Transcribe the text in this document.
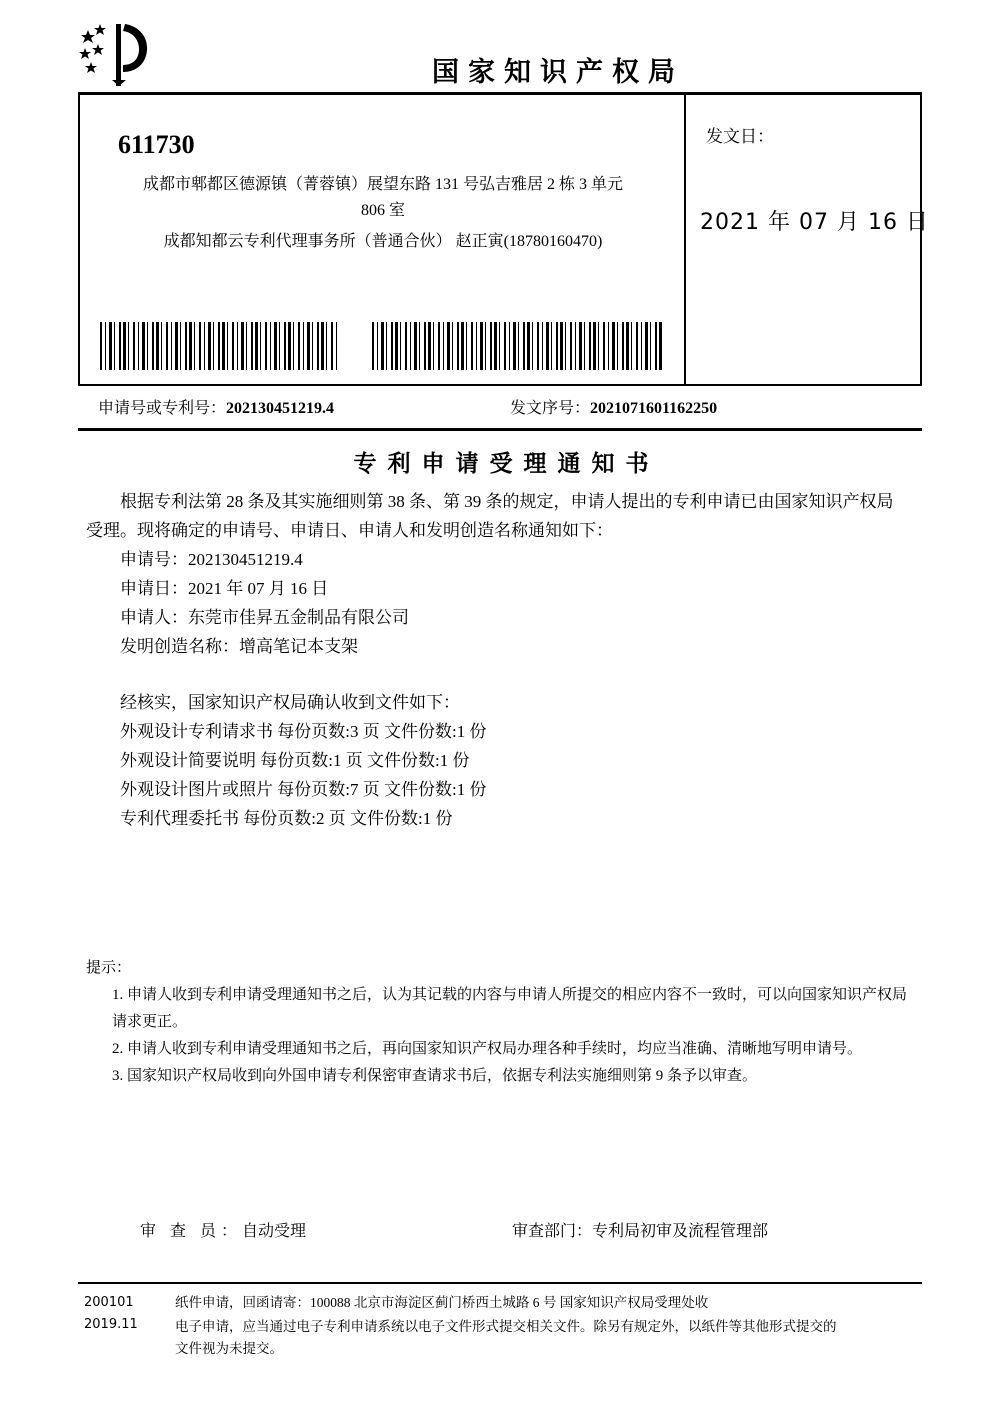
国家知识产权局
611730
成都市郫都区德源镇（菁蓉镇）展望东路 131 号弘吉雅居 2 栋 3 单元
806 室
成都知都云专利代理事务所（普通合伙） 赵正寅(18780160470)
发文日：
2021 年 07 月 16 日
申请号或专利号：202130451219.4	发文序号：2021071601162250
专利申请受理通知书
根据专利法第 28 条及其实施细则第 38 条、第 39 条的规定，申请人提出的专利申请已由国家知识产权局
受理。现将确定的申请号、申请日、申请人和发明创造名称通知如下：
申请号：202130451219.4
申请日：2021 年 07 月 16 日
申请人：东莞市佳昇五金制品有限公司
发明创造名称：增高笔记本支架
经核实，国家知识产权局确认收到文件如下：
外观设计专利请求书 每份页数:3 页 文件份数:1 份
外观设计简要说明 每份页数:1 页 文件份数:1 份
外观设计图片或照片 每份页数:7 页 文件份数:1 份
专利代理委托书 每份页数:2 页 文件份数:1 份
提示：
1. 申请人收到专利申请受理通知书之后，认为其记载的内容与申请人所提交的相应内容不一致时，可以向国家知识产权局
请求更正。
2. 申请人收到专利申请受理通知书之后，再向国家知识产权局办理各种手续时，均应当准确、清晰地写明申请号。
3. 国家知识产权局收到向外国申请专利保密审查请求书后，依据专利法实施细则第 9 条予以审查。
审 查 员：自动受理	审查部门：专利局初审及流程管理部
200101
2019.11
纸件申请，回函请寄：100088 北京市海淀区蓟门桥西土城路 6 号 国家知识产权局受理处收
电子申请，应当通过电子专利申请系统以电子文件形式提交相关文件。除另有规定外，以纸件等其他形式提交的
文件视为未提交。
